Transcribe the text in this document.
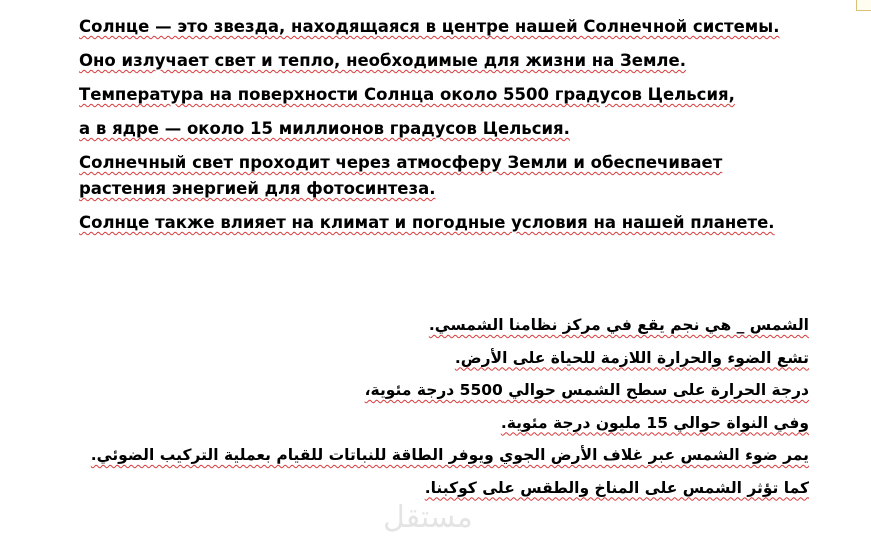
Солнце — это звезда, находящаяся в центре нашей Солнечной системы.

Оно излучает свет и тепло, необходимые для жизни на Земле.

Температура на поверхности Солнца около 5500 градусов Цельсия,

а в ядре — около 15 миллионов градусов Цельсия.

Солнечный свет проходит через атмосферу Земли и обеспечивает

растения энергией для фотосинтеза.

Солнце также влияет на климат и погодные условия на нашей планете.

الشمس _ هي نجم يقع في مركز نظامنا الشمسي.

تشع الضوء والحرارة اللازمة للحياة على الأرض.

درجة الحرارة على سطح الشمس حوالي 5500 درجة مئوية،

وفي النواة حوالي 15 مليون درجة مئوية.

يمر ضوء الشمس عبر غلاف الأرض الجوي ويوفر الطاقة للنباتات للقيام بعملية التركيب الضوئي.

كما تؤثر الشمس على المناخ والطقس على كوكبنا.

مستقل
